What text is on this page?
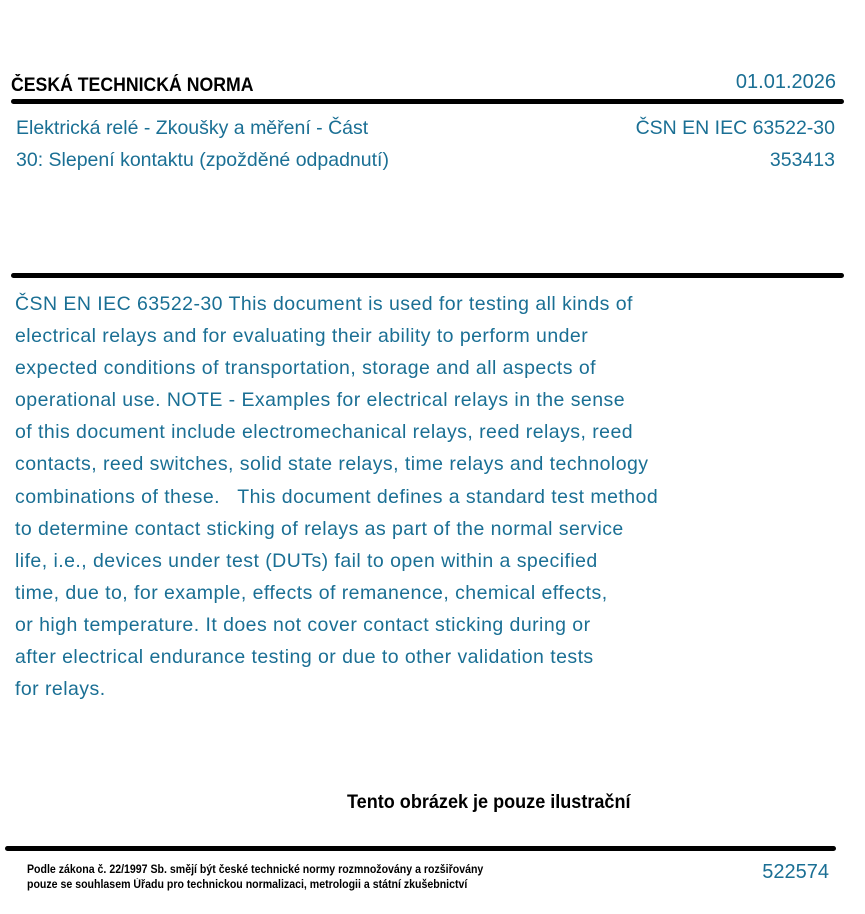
ČESKÁ TECHNICKÁ NORMA	01.01.2026
Elektrická relé - Zkoušky a měření - Část
30: Slepení kontaktu (zpožděné odpadnutí)
ČSN EN IEC 63522-30
353413
ČSN EN IEC 63522-30 This document is used for testing all kinds of
electrical relays and for evaluating their ability to perform under
expected conditions of transportation, storage and all aspects of
operational use. NOTE - Examples for electrical relays in the sense
of this document include electromechanical relays, reed relays, reed
contacts, reed switches, solid state relays, time relays and technology
combinations of these.   This document defines a standard test method
to determine contact sticking of relays as part of the normal service
life, i.e., devices under test (DUTs) fail to open within a specified
time, due to, for example, effects of remanence, chemical effects,
or high temperature. It does not cover contact sticking during or
after electrical endurance testing or due to other validation tests
for relays.
Tento obrázek je pouze ilustrační
Podle zákona č. 22/1997 Sb. smějí být české technické normy rozmnožovány a rozšiřovány
pouze se souhlasem Úřadu pro technickou normalizaci, metrologii a státní zkušebnictví
522574
